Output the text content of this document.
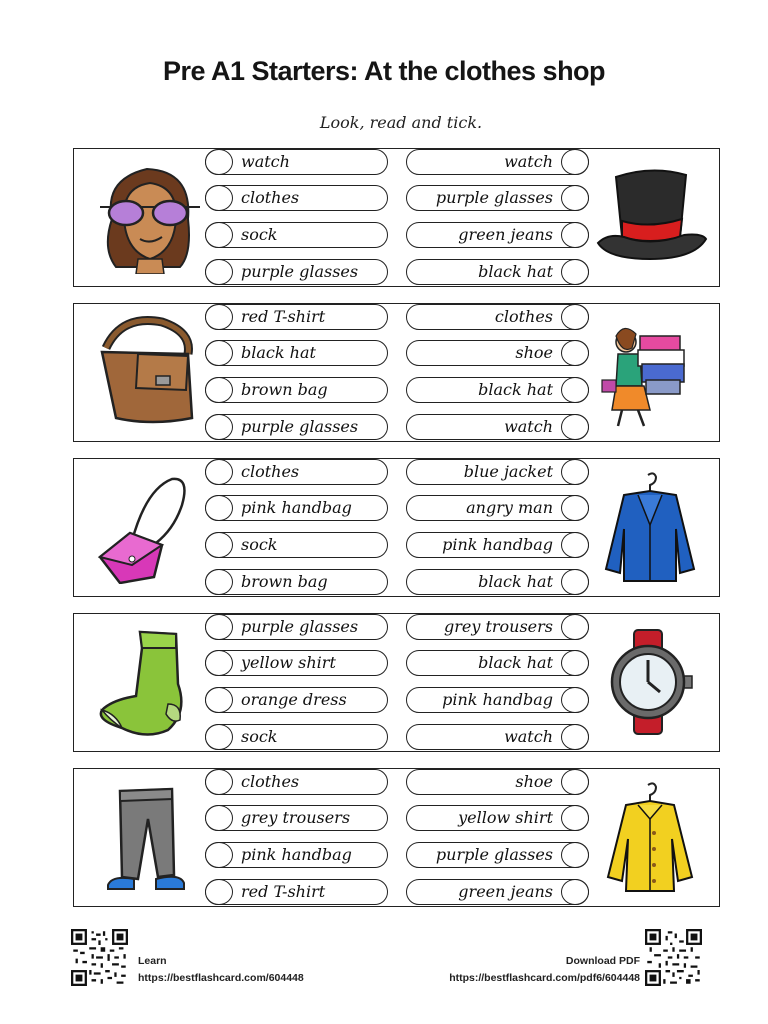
Pre A1 Starters: At the clothes shop
Look, read and tick.
watch
clothes
sock
purple glasses
watch
purple glasses
green jeans
black hat
red T-shirt
black hat
brown bag
purple glasses
clothes
shoe
black hat
watch
clothes
pink handbag
sock
brown bag
blue jacket
angry man
pink handbag
black hat
purple glasses
yellow shirt
orange dress
sock
grey trousers
black hat
pink handbag
watch
clothes
grey trousers
pink handbag
red T-shirt
shoe
yellow shirt
purple glasses
green jeans
Learn
https://bestflashcard.com/604448
Download PDF
https://bestflashcard.com/pdf6/604448
